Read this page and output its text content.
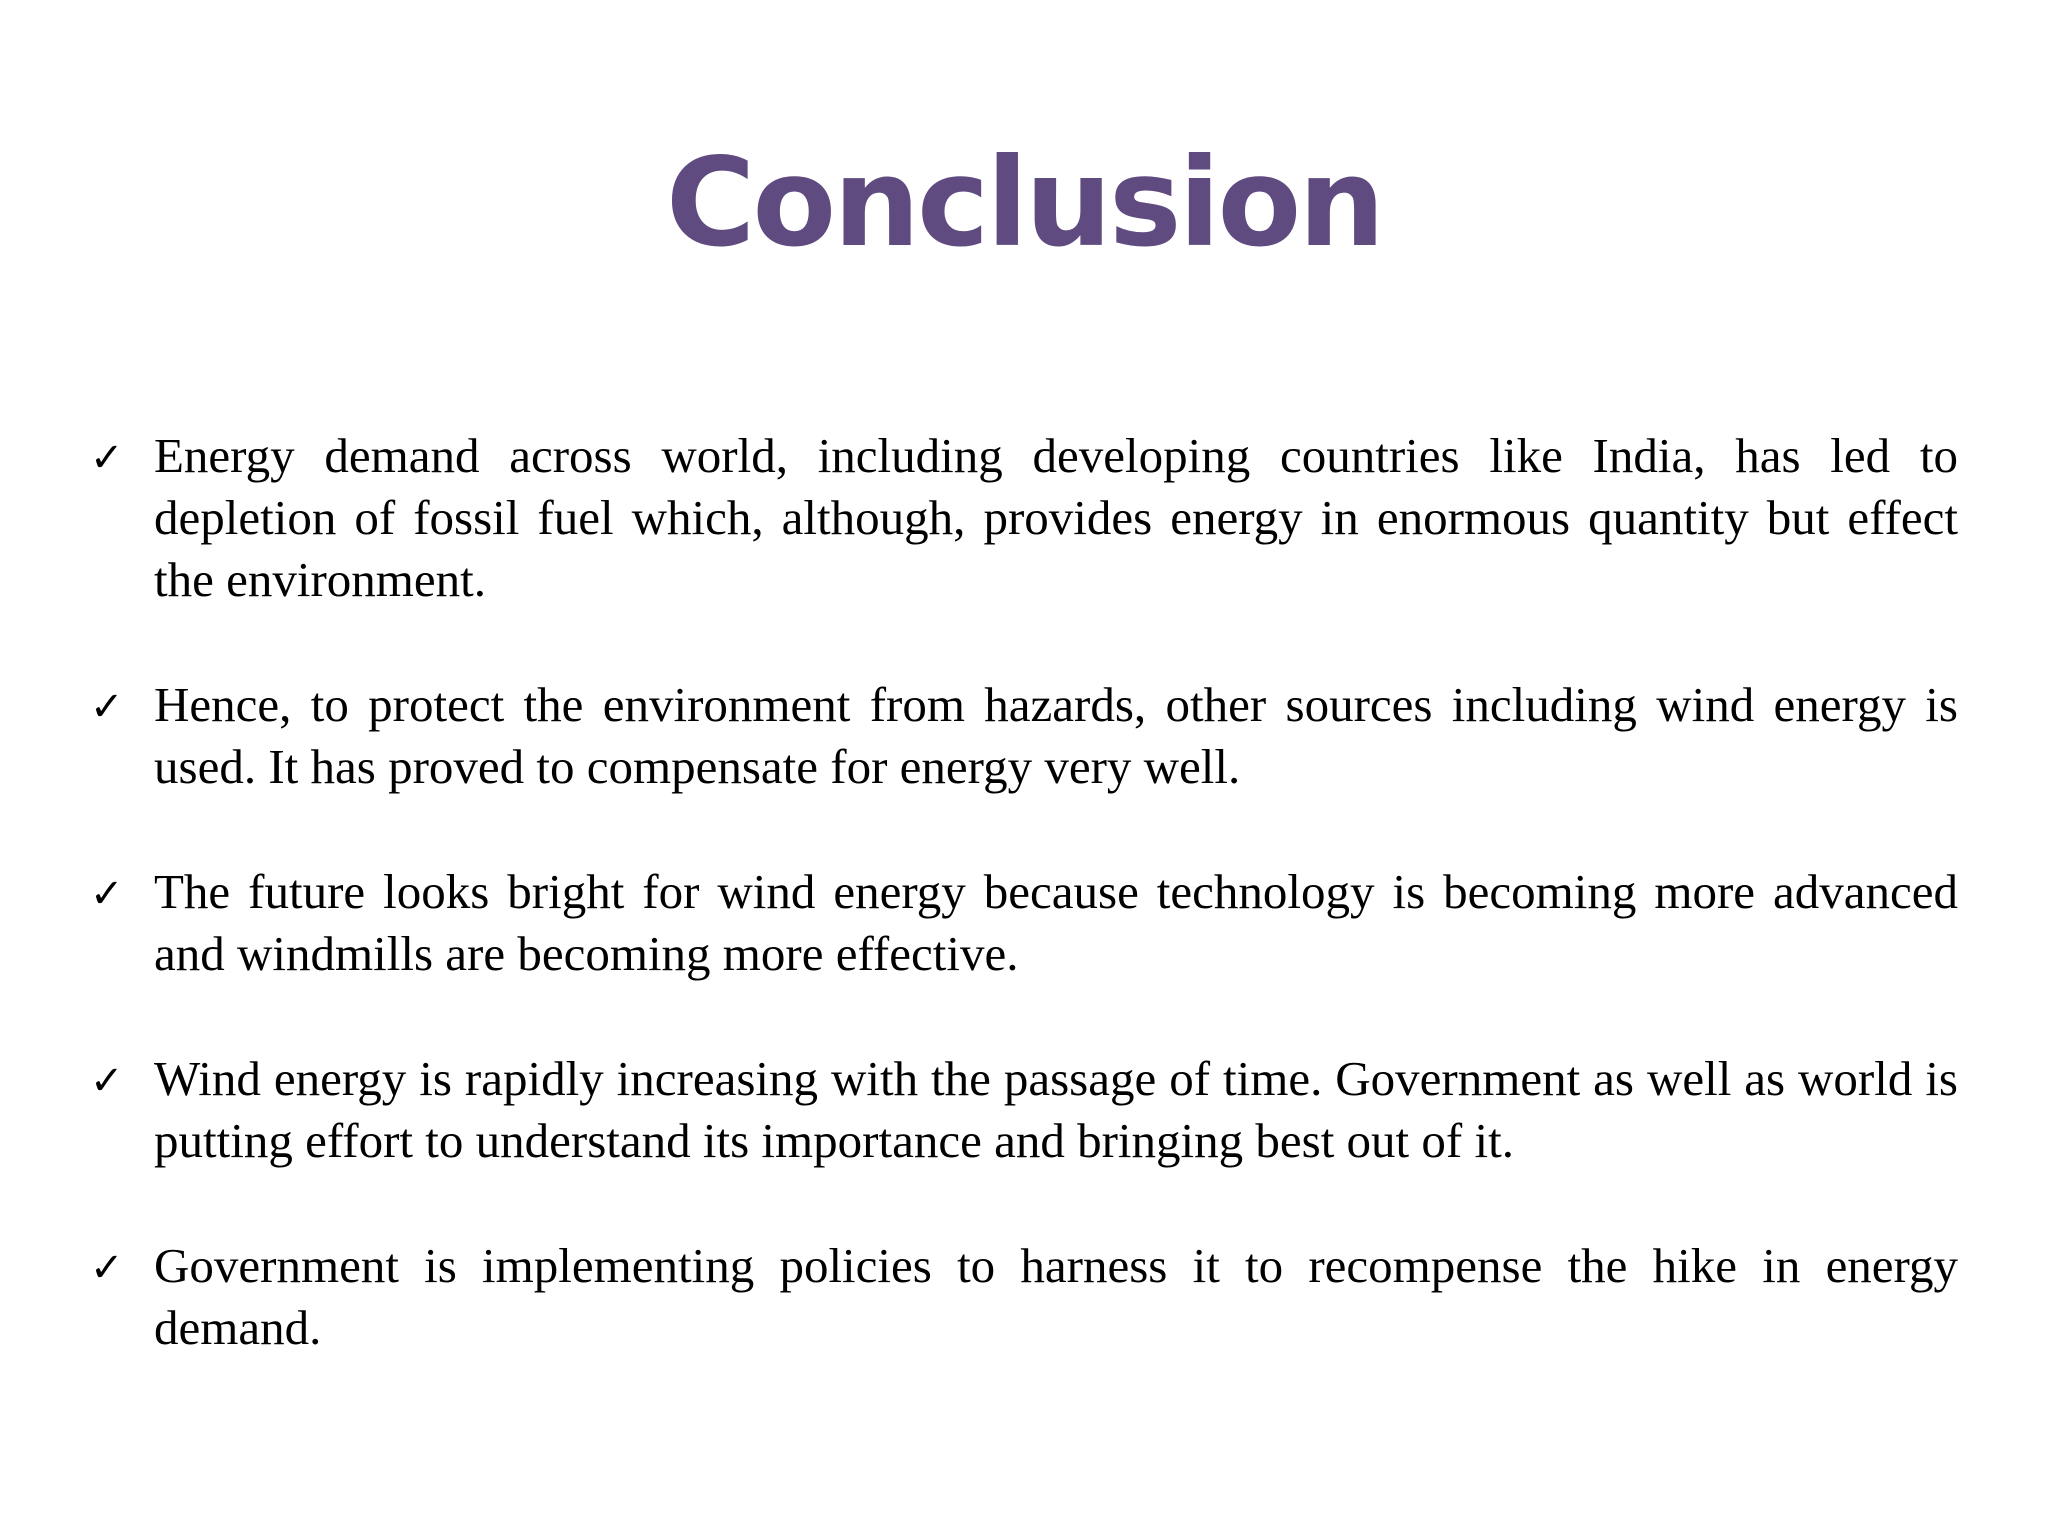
Conclusion
✓ Energy demand across world, including developing countries like India, has led to depletion of fossil fuel which, although, provides energy in enormous quantity but effect the environment.
✓ Hence, to protect the environment from hazards, other sources including wind energy is used. It has proved to compensate for energy very well.
✓ The future looks bright for wind energy because technology is becoming more advanced and windmills are becoming more effective.
✓ Wind energy is rapidly increasing with the passage of time. Government as well as world is putting effort to understand its importance and bringing best out of it.
✓ Government is implementing policies to harness it to recompense the hike in energy demand.
